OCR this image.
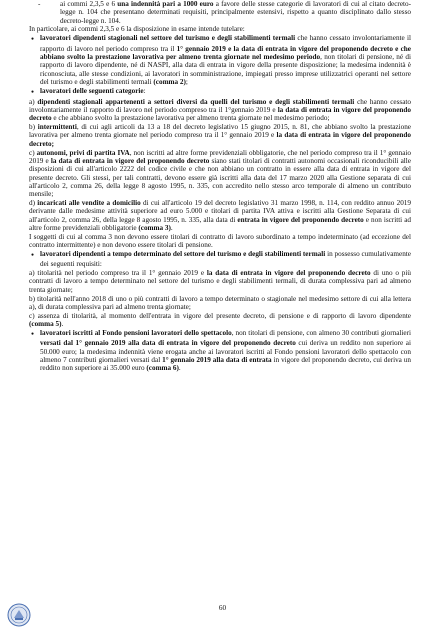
-	ai commi 2,3,5 e 6 una indennità pari a 1000 euro a favore delle stesse categorie di lavoratori di cui al citato decreto-legge n. 104 che presentano determinati requisiti, principalmente estensivi, rispetto a quanto disciplinato dallo stesso decreto-legge n. 104.
In particolare, ai commi 2,3,5 e 6 la disposizione in esame intende tutelare:
● lavoratori dipendenti stagionali nel settore del turismo e degli stabilimenti termali che hanno cessato involontariamente il rapporto di lavoro nel periodo compreso tra il 1° gennaio 2019 e la data di entrata in vigore del proponendo decreto e che abbiano svolto la prestazione lavorativa per almeno trenta giornate nel medesimo periodo, non titolari di pensione, né di rapporto di lavoro dipendente, né di NASPI, alla data di entrata in vigore della presente disposizione; la medesima indennità è riconosciuta, alle stesse condizioni, ai lavoratori in somministrazione, impiegati presso imprese utilizzatrici operanti nel settore del turismo e degli stabilimenti termali (comma 2);
● lavoratori delle seguenti categorie:
a) dipendenti stagionali appartenenti a settori diversi da quelli del turismo e degli stabilimenti termali che hanno cessato involontariamente il rapporto di lavoro nel periodo compreso tra il 1°gennaio 2019 e la data di entrata in vigore del proponendo decreto e che abbiano svolto la prestazione lavorativa per almeno trenta giornate nel medesimo periodo;
b) intermittenti, di cui agli articoli da 13 a 18 del decreto legislativo 15 giugno 2015, n. 81, che abbiano svolto la prestazione lavorativa per almeno trenta giornate nel periodo compreso tra il 1° gennaio 2019 e la data di entrata in vigore del proponendo decreto;
c) autonomi, privi di partita IVA, non iscritti ad altre forme previdenziali obbligatorie, che nel periodo compreso tra il 1° gennaio 2019 e la data di entrata in vigore del proponendo decreto siano stati titolari di contratti autonomi occasionali riconducibili alle disposizioni di cui all'articolo 2222 del codice civile e che non abbiano un contratto in essere alla data di entrata in vigore del presente decreto. Gli stessi, per tali contratti, devono essere già iscritti alla data del 17 marzo 2020 alla Gestione separata di cui all'articolo 2, comma 26, della legge 8 agosto 1995, n. 335, con accredito nello stesso arco temporale di almeno un contributo mensile;
d) incaricati alle vendite a domicilio di cui all'articolo 19 del decreto legislativo 31 marzo 1998, n. 114, con reddito annuo 2019 derivante dalle medesime attività superiore ad euro 5.000 e titolari di partita IVA attiva e iscritti alla Gestione Separata di cui all'articolo 2, comma 26, della legge 8 agosto 1995, n. 335, alla data di entrata in vigore del proponendo decreto e non iscritti ad altre forme previdenziali obbligatorie (comma 3).
I soggetti di cui al comma 3 non devono essere titolari di contratto di lavoro subordinato a tempo indeterminato (ad eccezione del contratto intermittente) e non devono essere titolari di pensione.
● lavoratori dipendenti a tempo determinato del settore del turismo e degli stabilimenti termali in possesso cumulativamente dei seguenti requisiti:
a) titolarità nel periodo compreso tra il 1° gennaio 2019 e la data di entrata in vigore del proponendo decreto di uno o più contratti di lavoro a tempo determinato nel settore del turismo e degli stabilimenti termali, di durata complessiva pari ad almeno trenta giornate;
b) titolarità nell'anno 2018 di uno o più contratti di lavoro a tempo determinato o stagionale nel medesimo settore di cui alla lettera a), di durata complessiva pari ad almeno trenta giornate;
c) assenza di titolarità, al momento dell'entrata in vigore del presente decreto, di pensione e di rapporto di lavoro dipendente (comma 5).
● lavoratori iscritti al Fondo pensioni lavoratori dello spettacolo, non titolari di pensione, con almeno 30 contributi giornalieri versati dal 1° gennaio 2019 alla data di entrata in vigore del proponendo decreto cui deriva un reddito non superiore ai 50.000 euro; la medesima indennità viene erogata anche ai lavoratori iscritti al Fondo pensioni lavoratori dello spettacolo con almeno 7 contributi giornalieri versati dal 1° gennaio 2019 alla data di entrata in vigore del proponendo decreto, cui deriva un reddito non superiore ai 35.000 euro (comma 6).
60
